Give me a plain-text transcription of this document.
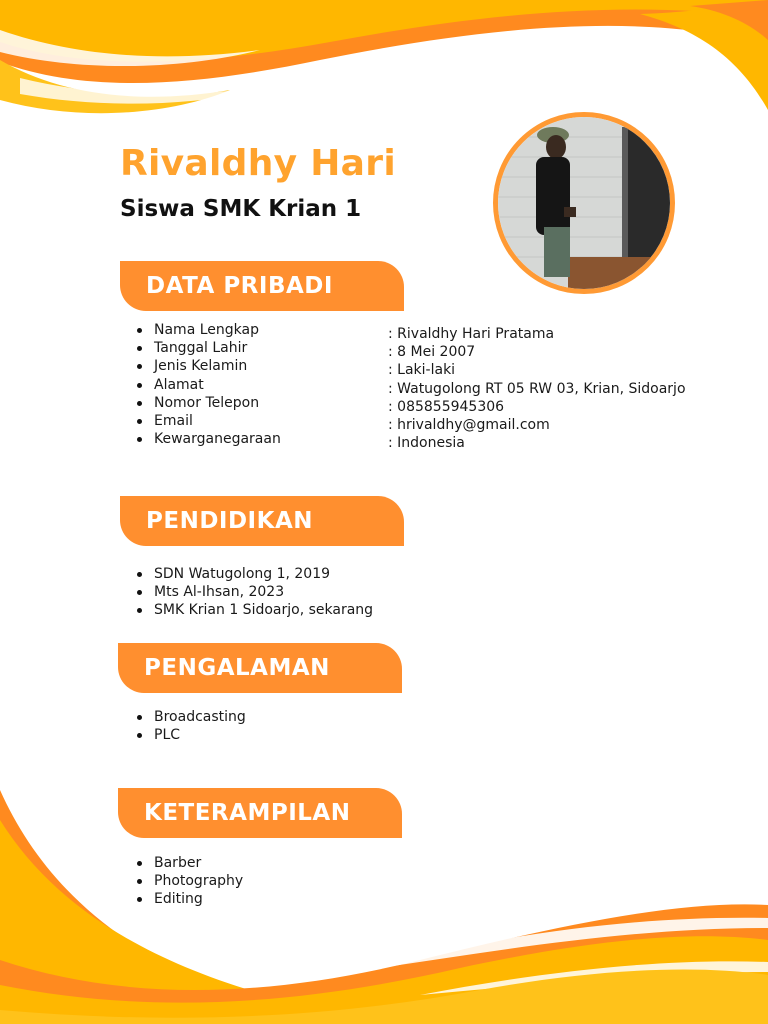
Rivaldhy Hari

Siswa SMK Krian 1

DATA PRIBADI
Nama Lengkap
Tanggal Lahir
Jenis Kelamin
Alamat
Nomor Telepon
Email
Kewarganegaraan
: Rivaldhy Hari Pratama
: 8 Mei 2007
: Laki-laki
: Watugolong RT 05 RW 03, Krian, Sidoarjo
: 085855945306
: hrivaldhy@gmail.com
: Indonesia
PENDIDIKAN
SDN Watugolong 1, 2019
Mts Al-Ihsan, 2023
SMK Krian 1 Sidoarjo, sekarang
PENGALAMAN
Broadcasting
PLC
KETERAMPILAN
Barber
Photography
Editing
